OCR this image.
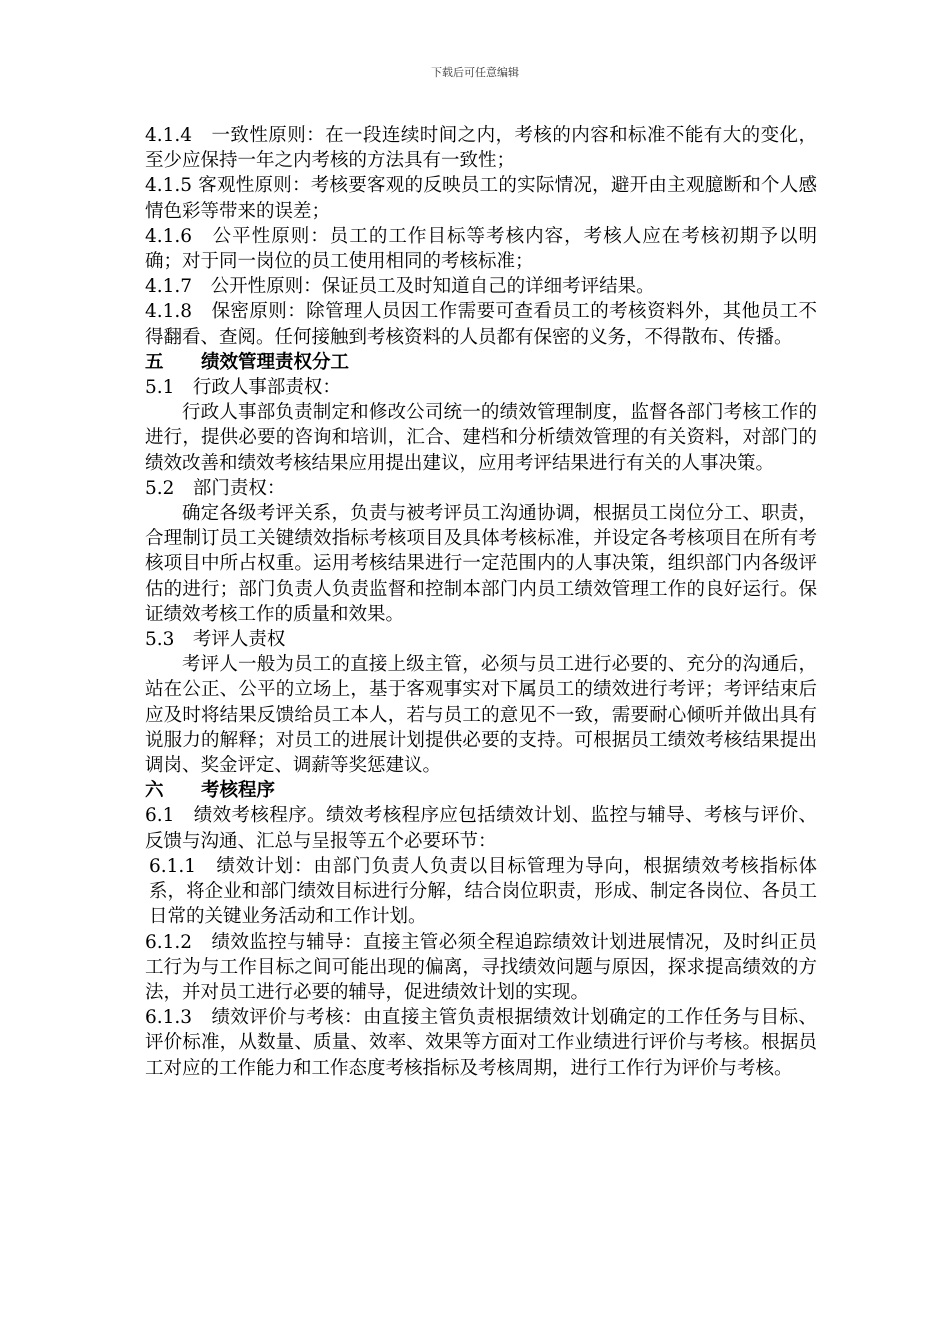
下载后可任意编辑

4.1.4　一致性原则：在一段连续时间之内，考核的内容和标准不能有大的变化，至少应保持一年之内考核的方法具有一致性；

4.1.5 客观性原则：考核要客观的反映员工的实际情况，避开由主观臆断和个人感情色彩等带来的误差；

4.1.6　公平性原则：员工的工作目标等考核内容，考核人应在考核初期予以明确；对于同一岗位的员工使用相同的考核标准；

4.1.7　公开性原则：保证员工及时知道自己的详细考评结果。

4.1.8　保密原则：除管理人员因工作需要可查看员工的考核资料外，其他员工不得翻看、查阅。任何接触到考核资料的人员都有保密的义务，不得散布、传播。

五 绩效管理责权分工

5.1　行政人事部责权：

行政人事部负责制定和修改公司统一的绩效管理制度，监督各部门考核工作的进行，提供必要的咨询和培训，汇合、建档和分析绩效管理的有关资料，对部门的绩效改善和绩效考核结果应用提出建议，应用考评结果进行有关的人事决策。

5.2　部门责权：

确定各级考评关系，负责与被考评员工沟通协调，根据员工岗位分工、职责，合理制订员工关键绩效指标考核项目及具体考核标准，并设定各考核项目在所有考核项目中所占权重。运用考核结果进行一定范围内的人事决策，组织部门内各级评估的进行；部门负责人负责监督和控制本部门内员工绩效管理工作的良好运行。保证绩效考核工作的质量和效果。

5.3　考评人责权

考评人一般为员工的直接上级主管，必须与员工进行必要的、充分的沟通后，站在公正、公平的立场上，基于客观事实对下属员工的绩效进行考评；考评结束后应及时将结果反馈给员工本人，若与员工的意见不一致，需要耐心倾听并做出具有说服力的解释；对员工的进展计划提供必要的支持。可根据员工绩效考核结果提出调岗、奖金评定、调薪等奖惩建议。

六 考核程序

6.1　绩效考核程序。绩效考核程序应包括绩效计划、监控与辅导、考核与评价、反馈与沟通、汇总与呈报等五个必要环节：

6.1.1　绩效计划：由部门负责人负责以目标管理为导向，根据绩效考核指标体系，将企业和部门绩效目标进行分解，结合岗位职责，形成、制定各岗位、各员工日常的关键业务活动和工作计划。

6.1.2　绩效监控与辅导：直接主管必须全程追踪绩效计划进展情况，及时纠正员工行为与工作目标之间可能出现的偏离，寻找绩效问题与原因，探求提高绩效的方法，并对员工进行必要的辅导，促进绩效计划的实现。

6.1.3　绩效评价与考核：由直接主管负责根据绩效计划确定的工作任务与目标、评价标准，从数量、质量、效率、效果等方面对工作业绩进行评价与考核。根据员工对应的工作能力和工作态度考核指标及考核周期，进行工作行为评价与考核。
